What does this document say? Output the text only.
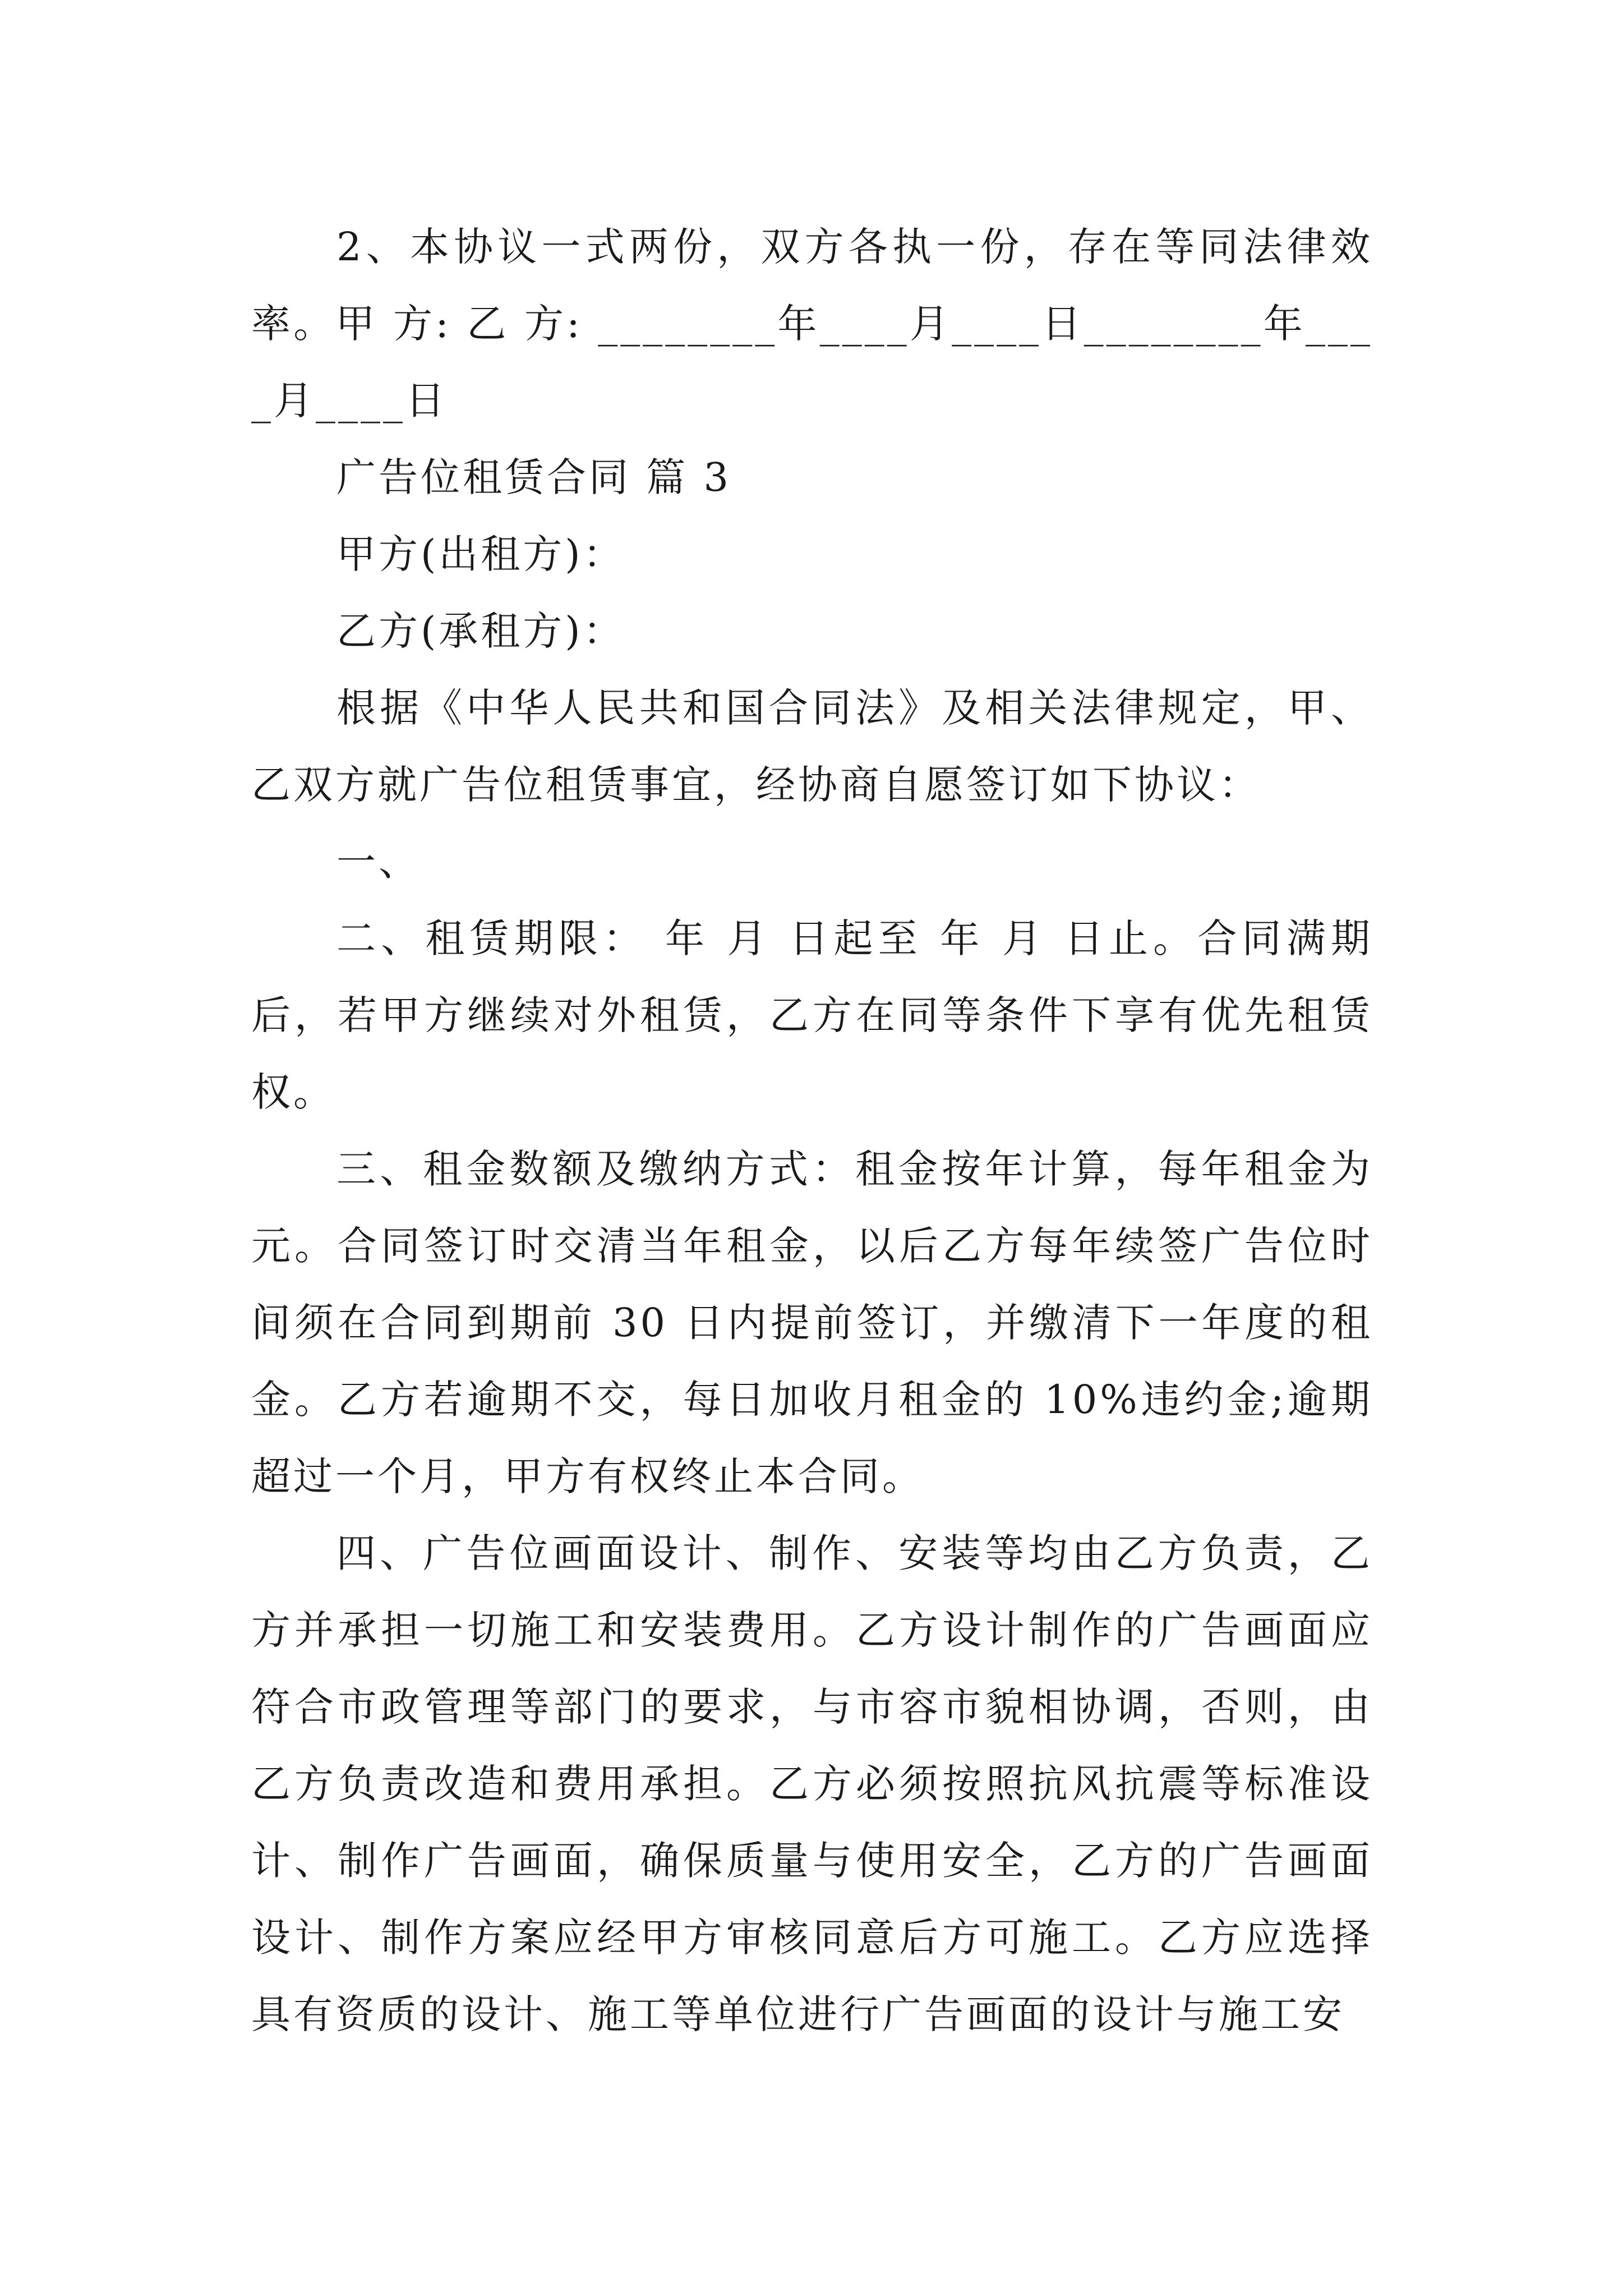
2、本协议一式两份，双方各执一份，存在等同法律效率。甲 方: 乙 方: ________年____月____日________年____月____日

广告位租赁合同 篇 3

甲方(出租方)：

乙方(承租方)：

根据《中华人民共和国合同法》及相关法律规定，甲、乙双方就广告位租赁事宜，经协商自愿签订如下协议：

一、

二、租赁期限： 年 月 日起至 年 月 日止。合同满期后，若甲方继续对外租赁，乙方在同等条件下享有优先租赁权。

三、租金数额及缴纳方式：租金按年计算，每年租金为元。合同签订时交清当年租金，以后乙方每年续签广告位时间须在合同到期前 30 日内提前签订，并缴清下一年度的租金。乙方若逾期不交，每日加收月租金的 10%违约金;逾期超过一个月，甲方有权终止本合同。

四、广告位画面设计、制作、安装等均由乙方负责，乙方并承担一切施工和安装费用。乙方设计制作的广告画面应符合市政管理等部门的要求，与市容市貌相协调，否则，由乙方负责改造和费用承担。乙方必须按照抗风抗震等标准设计、制作广告画面，确保质量与使用安全，乙方的广告画面设计、制作方案应经甲方审核同意后方可施工。乙方应选择具有资质的设计、施工等单位进行广告画面的设计与施工安
